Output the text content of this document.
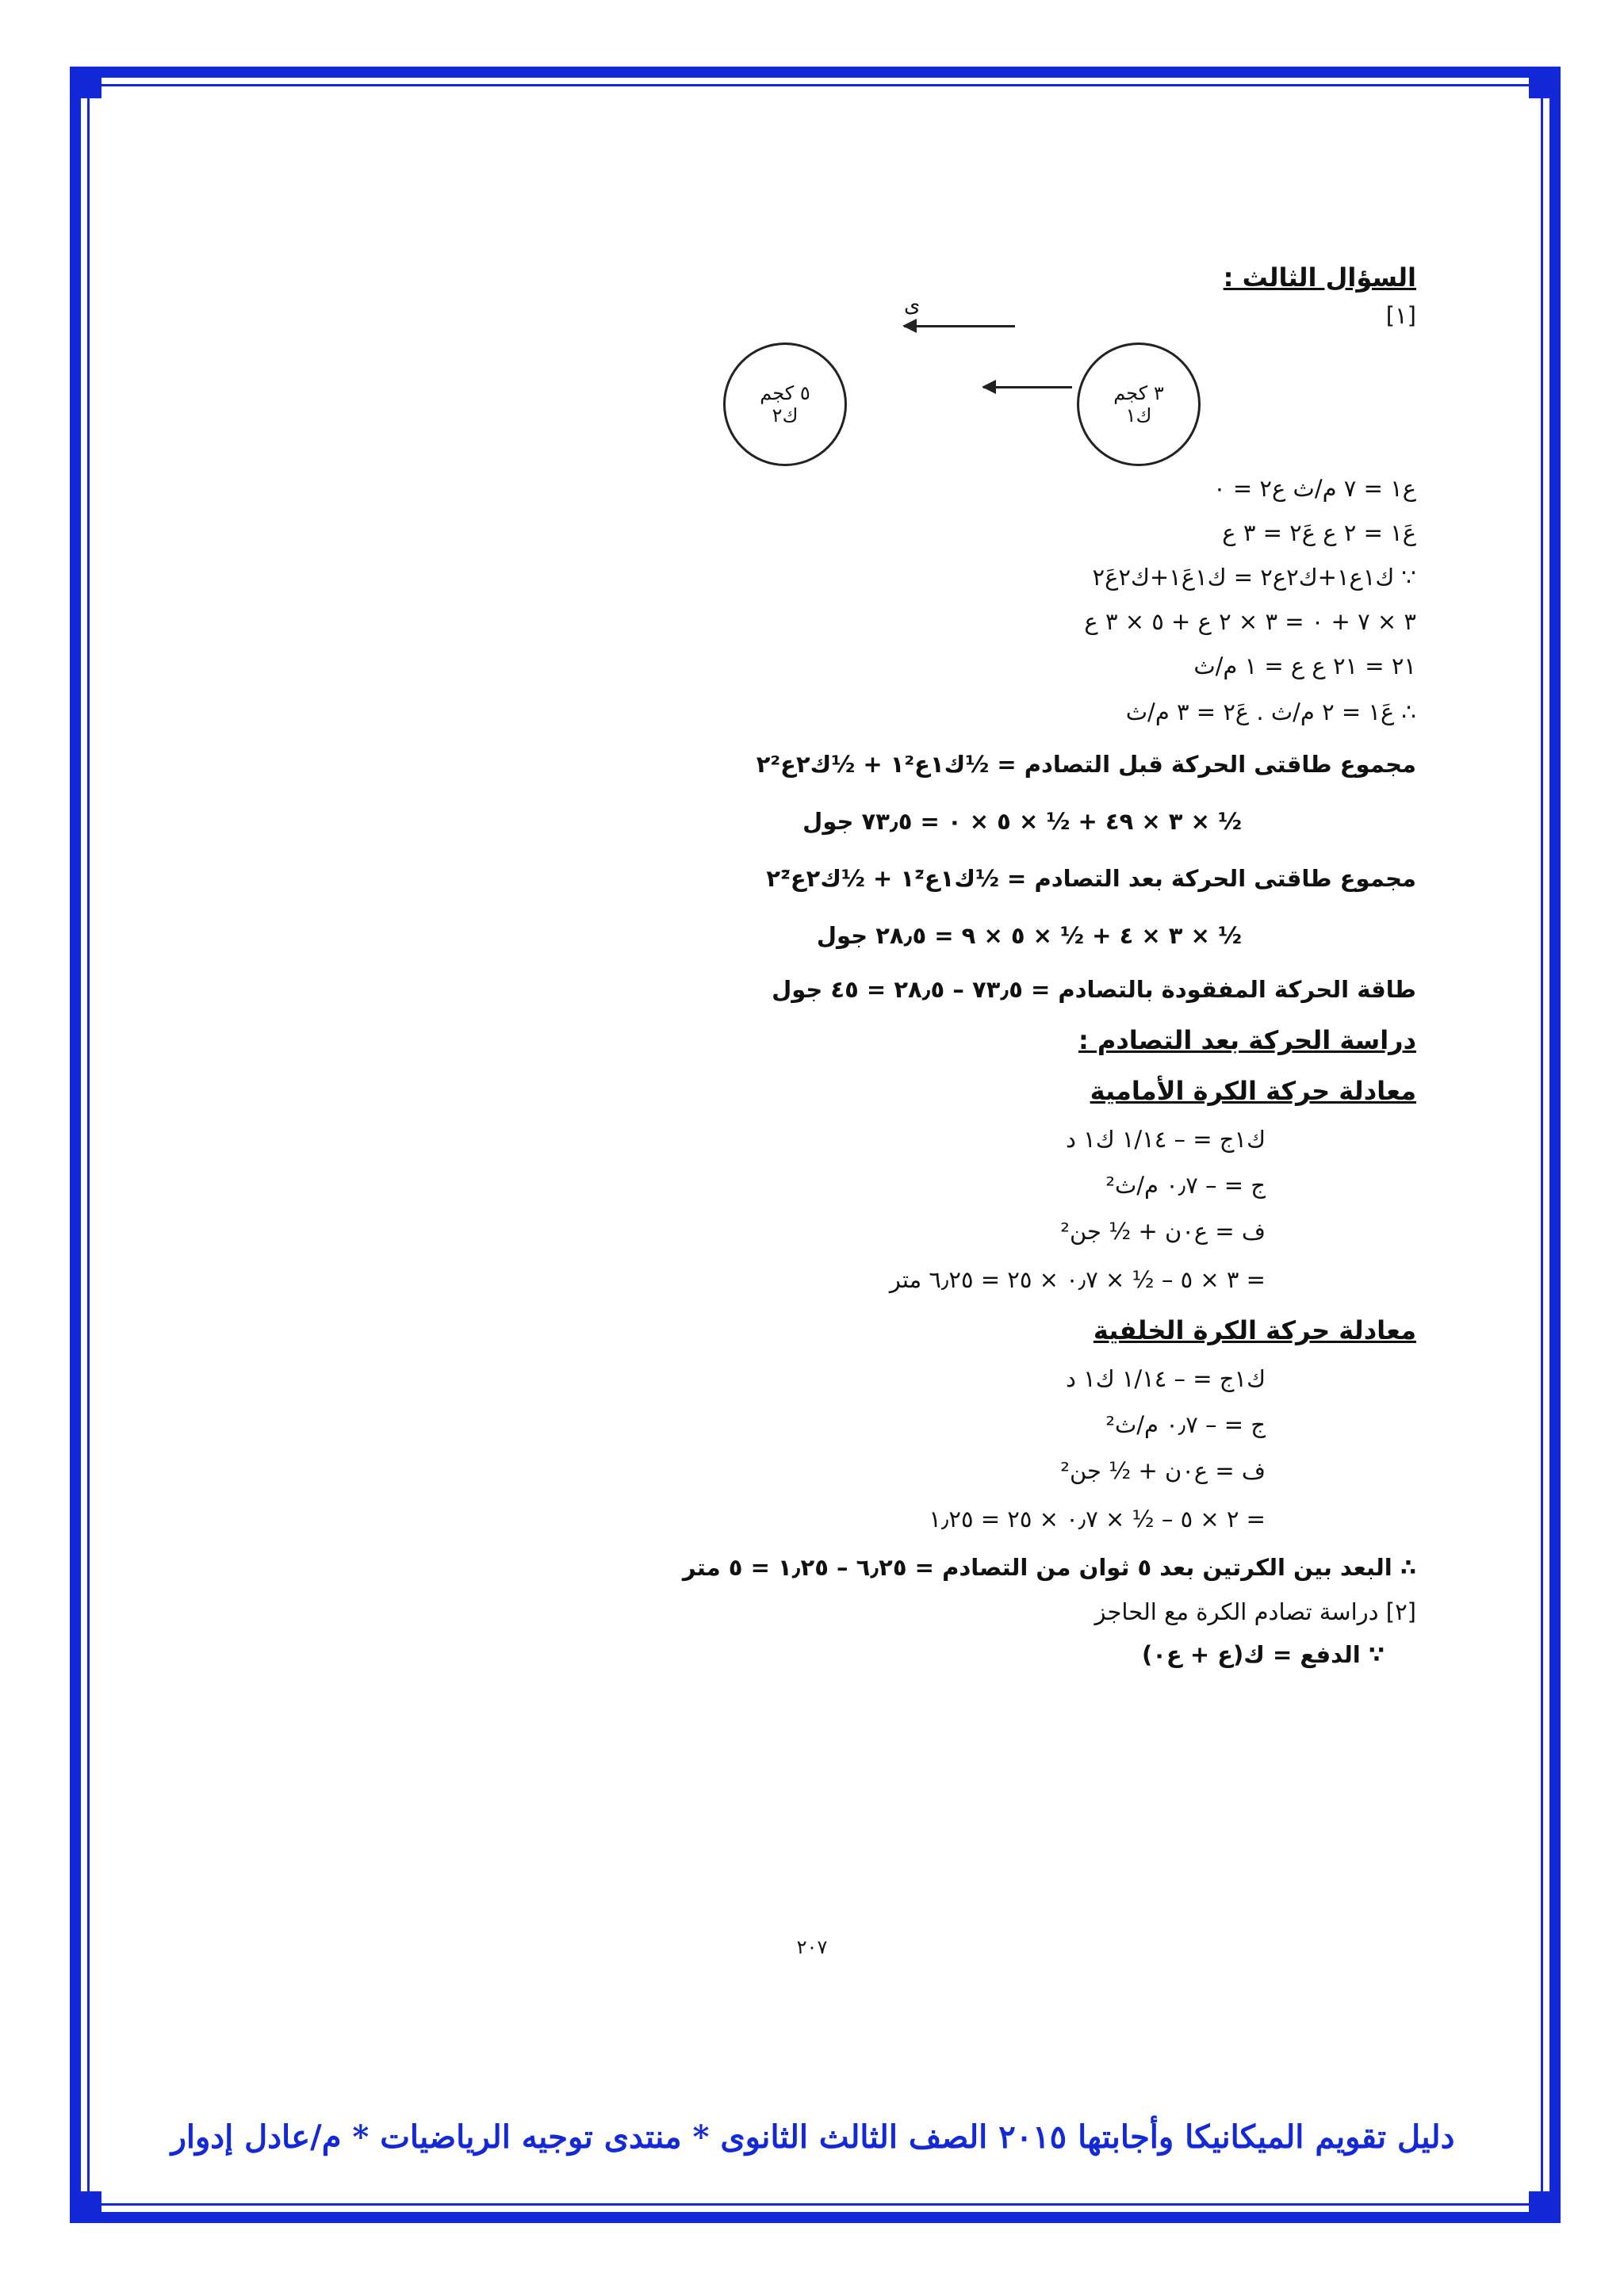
السؤال الثالث :
[١]
ى
٣ كجم
ك١
٥ كجم
ك٢

ع١ = ٧ م/ث ع٢ = ٠

ع١َ = ٢ ع ع٢َ = ٣ ع

∵ ك١ع١+ك٢ع٢ = ك١ع١َ+ك٢ع٢َ

٣ × ٧ + ٠ = ٣ × ٢ ع + ٥ × ٣ ع

٢١ = ٢١ ع ع = ١ م/ث

∴ ع١َ = ٢ م/ث . ع٢َ = ٣ م/ث

مجموع طاقتى الحركة قبل التصادم = ½ك١ع١² + ½ك٢ع٢²

½ × ٣ × ٤٩ + ½ × ٥ × ٠ = ٧٣٫٥ جول

مجموع طاقتى الحركة بعد التصادم = ½ك١ع١َ² + ½ك٢ع٢َ²

½ × ٣ × ٤ + ½ × ٥ × ٩ = ٢٨٫٥ جول

طاقة الحركة المفقودة بالتصادم = ٧٣٫٥ – ٢٨٫٥ = ٤٥ جول

دراسة الحركة بعد التصادم :

معادلة حركة الكرة الأمامية

ك١ج = – ١/١٤ ك١ د

ج = – ٠٫٧ م/ث²

ف = ع٠ن + ½ جن²

= ٣ × ٥ – ½ × ٠٫٧ × ٢٥ = ٦٫٢٥ متر

معادلة حركة الكرة الخلفية

ك١ج = – ١/١٤ ك١ د

ج = – ٠٫٧ م/ث²

ف = ع٠ن + ½ جن²

= ٢ × ٥ – ½ × ٠٫٧ × ٢٥ = ١٫٢٥

∴ البعد بين الكرتين بعد ٥ ثوان من التصادم = ٦٫٢٥ – ١٫٢٥ = ٥ متر

[٢] دراسة تصادم الكرة مع الحاجز

∵ الدفع = ك(ع + ع٠)

٢٠٧
دليل تقويم الميكانيكا وأجابتها ٢٠١٥ الصف الثالث الثانوى * منتدى توجيه الرياضيات * م/عادل إدوار
